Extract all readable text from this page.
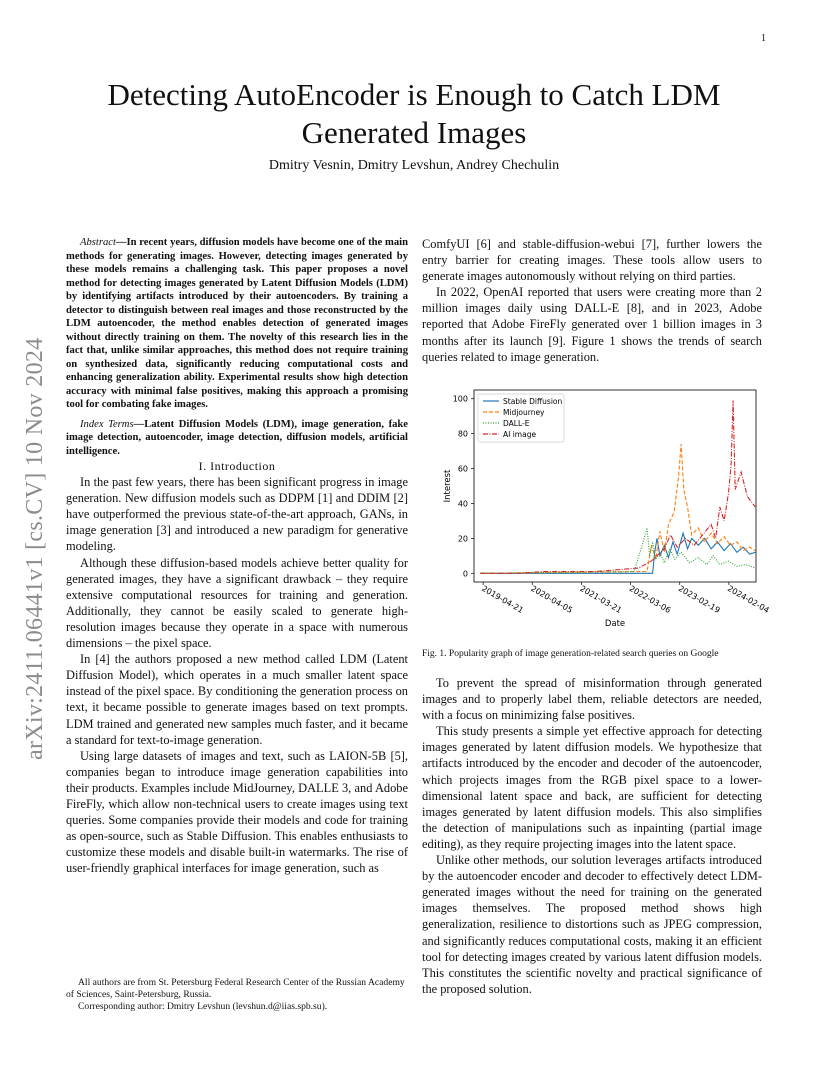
1
arXiv:2411.06441v1 [cs.CV] 10 Nov 2024
Detecting AutoEncoder is Enough to Catch LDM Generated Images
Dmitry Vesnin, Dmitry Levshun, Andrey Chechulin

Abstract—In recent years, diffusion models have become one of the main methods for generating images. However, detecting images generated by these models remains a challenging task. This paper proposes a novel method for detecting images generated by Latent Diffusion Models (LDM) by identifying artifacts introduced by their autoencoders. By training a detector to distinguish between real images and those reconstructed by the LDM autoencoder, the method enables detection of generated images without directly training on them. The novelty of this research lies in the fact that, unlike similar approaches, this method does not require training on synthesized data, significantly reducing computational costs and enhancing generalization ability. Experimental results show high detection accuracy with minimal false positives, making this approach a promising tool for combating fake images.

Index Terms—Latent Diffusion Models (LDM), image generation, fake image detection, autoencoder, image detection, diffusion models, artificial intelligence.

I. Introduction

In the past few years, there has been significant progress in image generation. New diffusion models such as DDPM [1] and DDIM [2] have outperformed the previous state-of-the-art approach, GANs, in image generation [3] and introduced a new paradigm for generative modeling.

Although these diffusion-based models achieve better quality for generated images, they have a significant drawback – they require extensive computational resources for training and generation. Additionally, they cannot be easily scaled to generate high-resolution images because they operate in a space with numerous dimensions – the pixel space.

In [4] the authors proposed a new method called LDM (Latent Diffusion Model), which operates in a much smaller latent space instead of the pixel space. By conditioning the generation process on text, it became possible to generate images based on text prompts. LDM trained and generated new samples much faster, and it became a standard for text-to-image generation.

Using large datasets of images and text, such as LAION-5B [5], companies began to introduce image generation capabilities into their products. Examples include MidJourney, DALLE 3, and Adobe FireFly, which allow non-technical users to create images using text queries. Some companies provide their models and code for training as open-source, such as Stable Diffusion. This enables enthusiasts to customize these models and disable built-in watermarks. The rise of user-friendly graphical interfaces for image generation, such as

All authors are from St. Petersburg Federal Research Center of the Russian Academy of Sciences, Saint-Petersburg, Russia.

Corresponding author: Dmitry Levshun (levshun.d@iias.spb.su).

ComfyUI [6] and stable-diffusion-webui [7], further lowers the entry barrier for creating images. These tools allow users to generate images autonomously without relying on third parties.

In 2022, OpenAI reported that users were creating more than 2 million images daily using DALL-E [8], and in 2023, Adobe reported that Adobe FireFly generated over 1 billion images in 3 months after its launch [9]. Figure 1 shows the trends of search queries related to image generation.

0
20
40
60
80
100
2019-04-21 2020-04-05 2021-03-21 2022-03-06 2023-02-19 2024-02-04
Date
Interest
Stable Diffusion
Midjourney
DALL-E
AI image
Fig. 1. Popularity graph of image generation-related search queries on Google

To prevent the spread of misinformation through generated images and to properly label them, reliable detectors are needed, with a focus on minimizing false positives.

This study presents a simple yet effective approach for detecting images generated by latent diffusion models. We hypothesize that artifacts introduced by the encoder and decoder of the autoencoder, which projects images from the RGB pixel space to a lower-dimensional latent space and back, are sufficient for detecting images generated by latent diffusion models. This also simplifies the detection of manipulations such as inpainting (partial image editing), as they require projecting images into the latent space.

Unlike other methods, our solution leverages artifacts introduced by the autoencoder encoder and decoder to effectively detect LDM-generated images without the need for training on the generated images themselves. The proposed method shows high generalization, resilience to distortions such as JPEG compression, and significantly reduces computational costs, making it an efficient tool for detecting images created by various latent diffusion models. This constitutes the scientific novelty and practical significance of the proposed solution.
